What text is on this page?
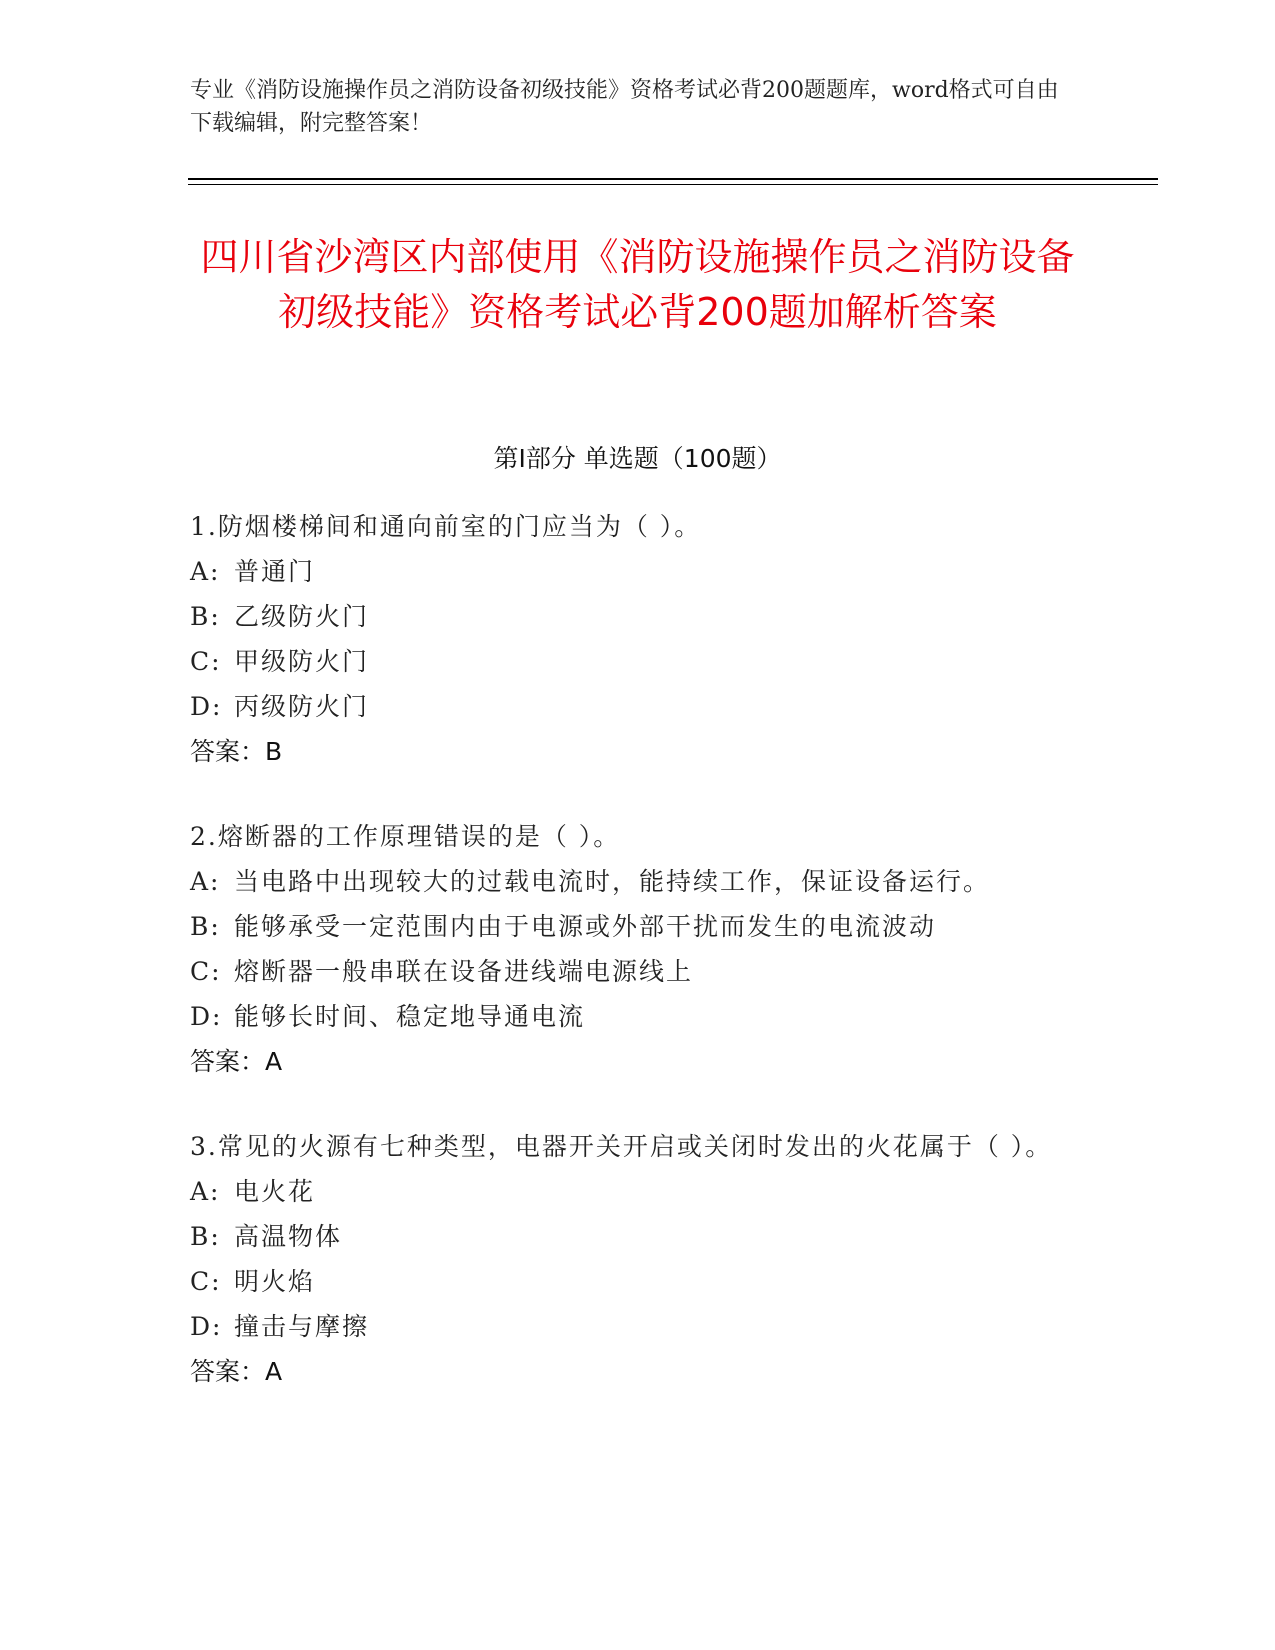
专业《消防设施操作员之消防设备初级技能》资格考试必背200题题库，word格式可自由下载编辑，附完整答案！
四川省沙湾区内部使用《消防设施操作员之消防设备初级技能》资格考试必背200题加解析答案
第I部分 单选题（100题）
1.防烟楼梯间和通向前室的门应当为（ ）。
A: 普通门
B: 乙级防火门
C: 甲级防火门
D: 丙级防火门
答案：B
2.熔断器的工作原理错误的是（ ）。
A: 当电路中出现较大的过载电流时，能持续工作，保证设备运行。
B: 能够承受一定范围内由于电源或外部干扰而发生的电流波动
C: 熔断器一般串联在设备进线端电源线上
D: 能够长时间、稳定地导通电流
答案：A
3.常见的火源有七种类型，电器开关开启或关闭时发出的火花属于（ ）。
A: 电火花
B: 高温物体
C: 明火焰
D: 撞击与摩擦
答案：A
